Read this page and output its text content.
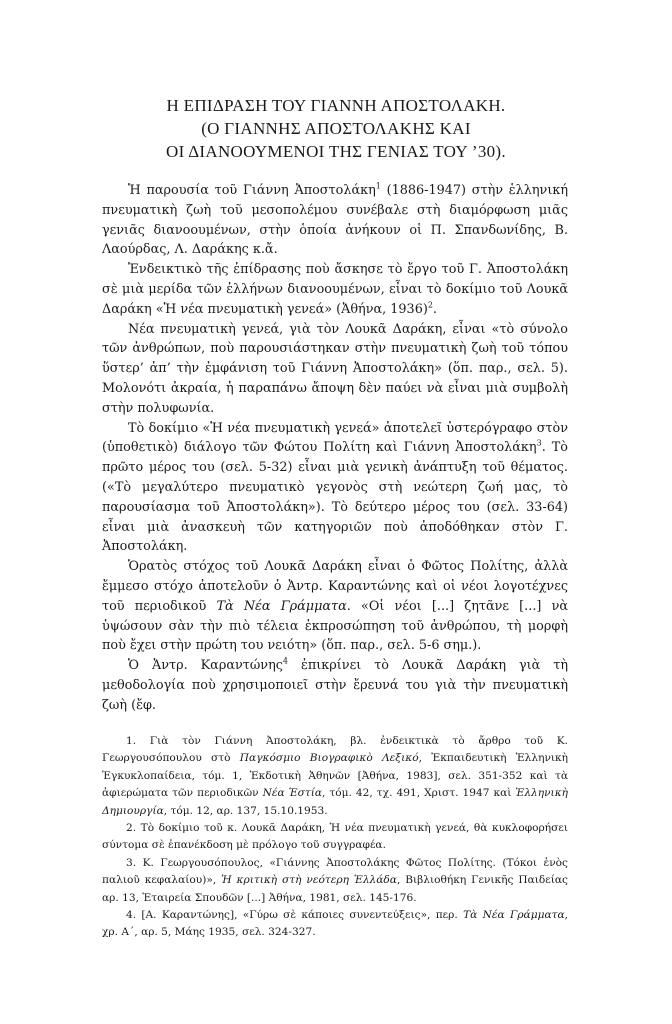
Η ΕΠΙΔΡΑΣΗ ΤΟΥ ΓΙΑΝΝΗ ΑΠΟΣΤΟΛΑΚΗ.
(Ο ΓΙΑΝΝΗΣ ΑΠΟΣΤΟΛΑΚΗΣ ΚΑΙ
ΟΙ ΔΙΑΝΟΟΥΜΕΝΟΙ ΤΗΣ ΓΕΝΙΑΣ ΤΟΥ ’30).

Ἡ παρουσία τοῦ Γιάννη Ἀποστολάκη$^1$ (1886-1947) στὴν ἑλληνική πνευματικὴ ζωὴ τοῦ μεσοπολέμου συνέβαλε στὴ διαμόρφωση μιᾶς γενιᾶς διανοουμένων, στὴν ὁποία ἀνήκουν οἱ Π. Σπανδωνίδης, Β. Λαούρδας, Λ. Δαράκης κ.ἄ.

Ἐνδεικτικὸ τῆς ἐπίδρασης ποὺ ἄσκησε τὸ ἔργο τοῦ Γ. Ἀποστολάκη σὲ μιὰ μερίδα τῶν ἑλλήνων διανοουμένων, εἶναι τὸ δοκίμιο τοῦ Λουκᾶ Δαράκη «Ἡ νέα πνευματικὴ γενεά» (Ἀθήνα, 1936)$^2$.

Νέα πνευματικὴ γενεά, γιὰ τὸν Λουκᾶ Δαράκη, εἶναι «τὸ σύνολο τῶν ἀνθρώπων, ποὺ παρουσιάστηκαν στὴν πνευματικὴ ζωὴ τοῦ τόπου ὕστερ’ ἀπ’ τὴν ἐμφάνιση τοῦ Γιάννη Ἀποστολάκη» (ὅπ. παρ., σελ. 5). Μολονότι ἀκραία, ἡ παραπάνω ἄποψη δὲν παύει νὰ εἶναι μιὰ συμβολὴ στὴν πολυφωνία.

Τὸ δοκίμιο «Ἡ νέα πνευματικὴ γενεά» ἀποτελεῖ ὑστερόγραφο στὸν (ὑποθετικὸ) διάλογο τῶν Φώτου Πολίτη καὶ Γιάννη Ἀποστολάκη$^3$. Τὸ πρῶτο μέρος του (σελ. 5-32) εἶναι μιὰ γενικὴ ἀνάπτυξη τοῦ θέματος. («Τὸ μεγαλύτερο πνευματικὸ γεγονὸς στὴ νεώτερη ζωή μας, τὸ παρουσίασμα τοῦ Ἀποστολάκη»). Τὸ δεύτερο μέρος του (σελ. 33-64) εἶναι μιὰ ἀνασκευὴ τῶν κατηγοριῶν ποὺ ἀποδόθηκαν στὸν Γ. Ἀποστολάκη.

Ὁρατὸς στόχος τοῦ Λουκᾶ Δαράκη εἶναι ὁ Φῶτος Πολίτης, ἀλλὰ ἔμμεσο στόχο ἀποτελοῦν ὁ Ἀντρ. Καραντώνης καὶ οἱ νέοι λογοτέχνες τοῦ περιοδικοῦ Τὰ Νέα Γράμματα. «Οἱ νέοι [...] ζητᾶνε [...] νὰ ὑψώσουν σὰν τὴν πιὸ τέλεια ἐκπροσώπηση τοῦ ἀνθρώπου, τὴ μορφὴ ποὺ ἔχει στὴν πρώτη του νειότη» (ὅπ. παρ., σελ. 5-6 σημ.).

Ὁ Ἀντρ. Καραντώνης$^4$ ἐπικρίνει τὸ Λουκᾶ Δαράκη γιὰ τὴ μεθοδολογία ποὺ χρησιμοποιεῖ στὴν ἔρευνά του γιὰ τὴν πνευματικὴ ζωὴ (ἔφ.

1. Γιὰ τὸν Γιάννη Ἀποστολάκη, βλ. ἐνδεικτικὰ τὸ ἄρθρο τοῦ Κ. Γεωργουσόπουλου στὸ Παγκόσμιο Βιογραφικὸ Λεξικό, Ἐκπαιδευτικὴ Ἑλληνικὴ Ἐγκυκλοπαίδεια, τόμ. 1, Ἐκδοτικὴ Ἀθηνῶν [Ἀθήνα, 1983], σελ. 351-352 καὶ τὰ ἀφιερώματα τῶν περιοδικῶν Νέα Ἑστία, τόμ. 42, τχ. 491, Χριστ. 1947 καὶ Ἑλληνικὴ Δημιουργία, τόμ. 12, αρ. 137, 15.10.1953.

2. Τὸ δοκίμιο τοῦ κ. Λουκᾶ Δαράκη, Ἡ νέα πνευματικὴ γενεά, θὰ κυκλοφορήσει σύντομα σὲ ἐπανέκδοση μὲ πρόλογο τοῦ συγγραφέα.

3. Κ. Γεωργουσόπουλος, «Γιάννης Ἀποστολάκης Φῶτος Πολίτης. (Τόκοι ἑνὸς παλιοῦ κεφαλαίου)», Ἡ κριτικὴ στὴ νεότερη Ἑλλάδα, Βιβλιοθήκη Γενικῆς Παιδείας αρ. 13, Ἑταιρεία Σπουδῶν [...] Ἀθήνα, 1981, σελ. 145-176.

4. [Α. Καραντώνης], «Γύρω σὲ κάποιες συνεντεύξεις», περ. Τὰ Νέα Γράμματα, χρ. Α΄, αρ. 5, Μάης 1935, σελ. 324-327.
